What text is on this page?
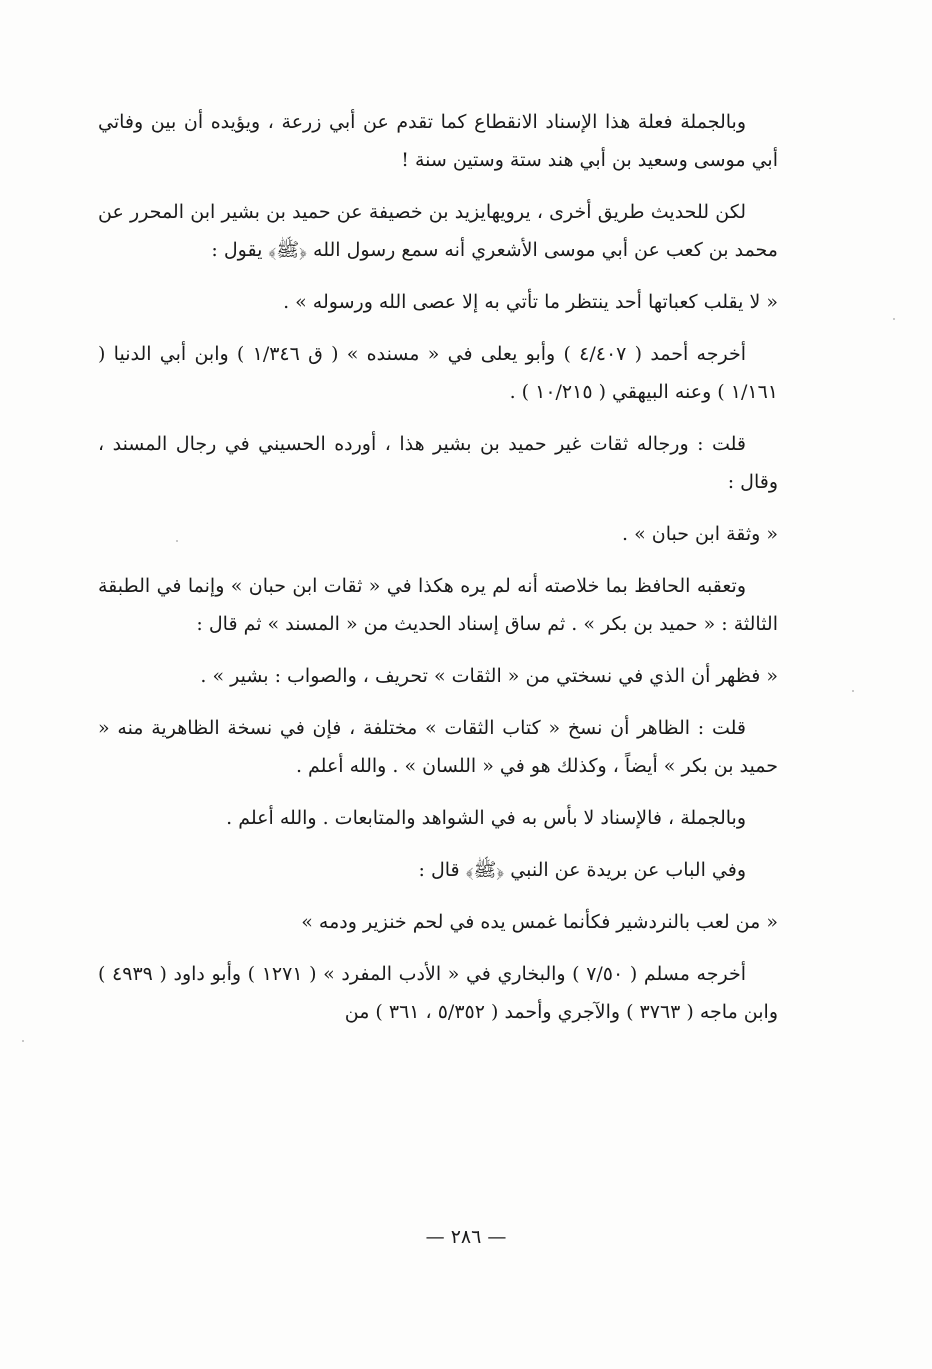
وبالجملة فعلة هذا الإسناد الانقطاع كما تقدم عن أبي زرعة ، ويؤيده أن بين وفاتي أبي موسى وسعيد بن أبي هند ستة وستين سنة !

لكن للحديث طريق أخرى ، يرويهايزيد بن خصيفة عن حميد بن بشير ابن المحرر عن محمد بن كعب عن أبي موسى الأشعري أنه سمع رسول الله ﴿ﷺ﴾ يقول :

« لا يقلب كعباتها أحد ينتظر ما تأتي به إلا عصى الله ورسوله » .

أخرجه أحمد ( ٤/٤٠٧ ) وأبو يعلى في « مسنده » ( ق ١/٣٤٦ ) وابن أبي الدنيا ( ١/١٦١ ) وعنه البيهقي ( ١٠/٢١٥ ) .

قلت : ورجاله ثقات غير حميد بن بشير هذا ، أورده الحسيني في رجال المسند ، وقال :

« وثقة ابن حبان » .

وتعقبه الحافظ بما خلاصته أنه لم يره هكذا في « ثقات ابن حبان » وإنما في الطبقة الثالثة : « حميد بن بكر » . ثم ساق إسناد الحديث من « المسند » ثم قال :

« فظهر أن الذي في نسختي من « الثقات » تحريف ، والصواب : بشير » .

قلت : الظاهر أن نسخ « كتاب الثقات » مختلفة ، فإن في نسخة الظاهرية منه « حميد بن بكر » أيضاً ، وكذلك هو في « اللسان » . والله أعلم .

وبالجملة ، فالإسناد لا بأس به في الشواهد والمتابعات . والله أعلم .

وفي الباب عن بريدة عن النبي ﴿ﷺ﴾ قال :

« من لعب بالنردشير فكأنما غمس يده في لحم خنزير ودمه »

أخرجه مسلم ( ٧/٥٠ ) والبخاري في « الأدب المفرد » ( ١٢٧١ ) وأبو داود ( ٤٩٣٩ ) وابن ماجه ( ٣٧٦٣ ) والآجري وأحمد ( ٥/٣٥٢ ، ٣٦١ ) من

— ٢٨٦ —
